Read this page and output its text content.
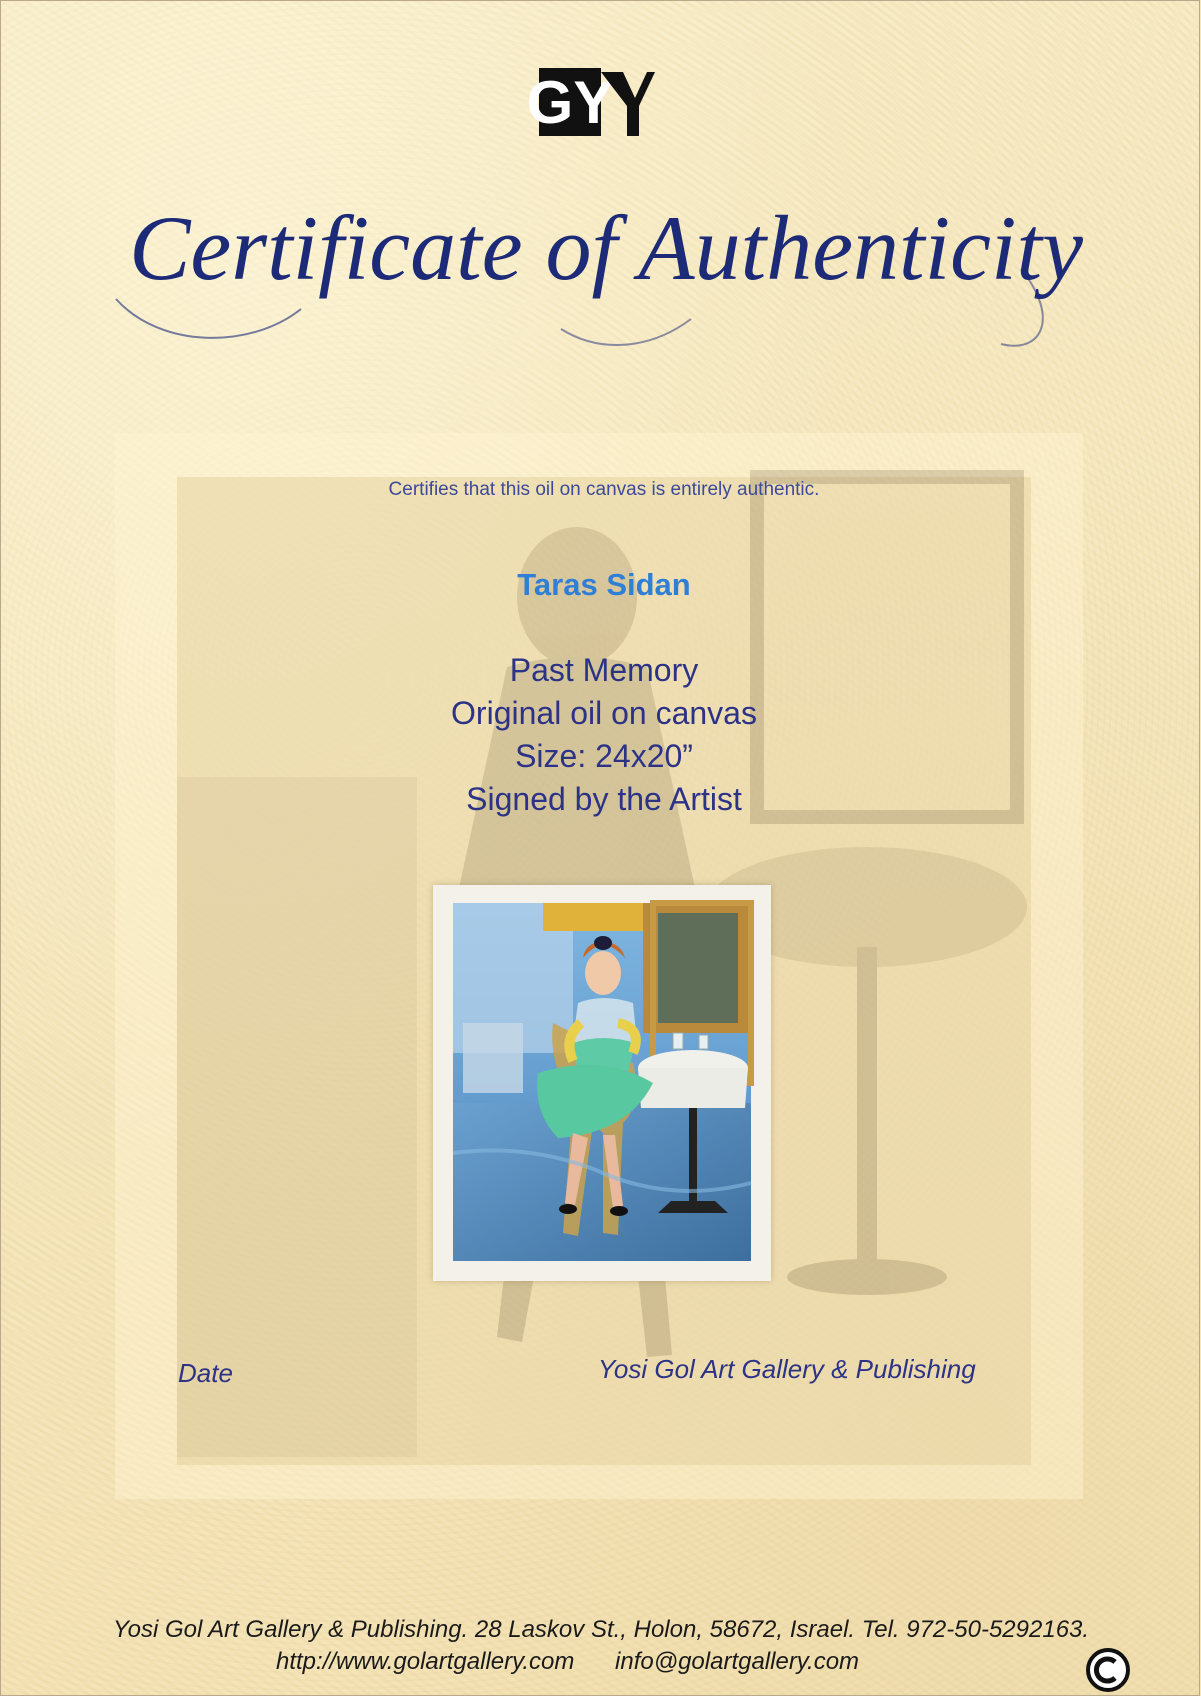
GY
Certificate of Authenticity
Certifies that this oil on canvas is entirely authentic.
Taras Sidan
Past Memory
Original oil on canvas
Size: 24x20”
Signed by the Artist
Date	Yosi Gol Art Gallery & Publishing
Yosi Gol Art Gallery & Publishing. 28 Laskov St., Holon, 58672, Israel. Tel. 972-50-5292163.
http://www.golartgallery.com info@golartgallery.com
